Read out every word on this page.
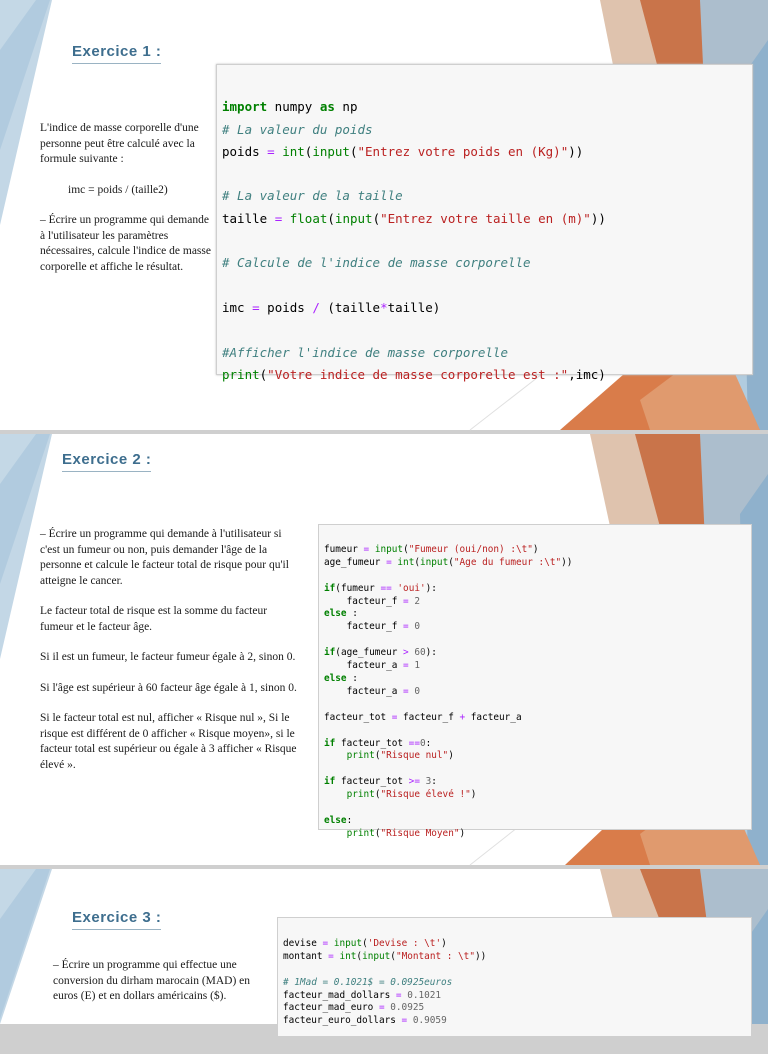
Exercice 1 :

L'indice de masse corporelle d'une personne peut être calculé avec la formule suivante :

imc = poids / (taille2)

– Écrire un programme qui demande à l'utilisateur les paramètres nécessaires, calcule l'indice de masse corporelle et affiche le résultat.

import numpy as np
# La valeur du poids
poids = int(input("Entrez votre poids en (Kg)"))

# La valeur de la taille
taille = float(input("Entrez votre taille en (m)"))

# Calcule de l'indice de masse corporelle

imc = poids / (taille*taille)

#Afficher l'indice de masse corporelle
print("Votre indice de masse corporelle est :",imc)

Exercice 2 :

– Écrire un programme qui demande à l'utilisateur si c'est un fumeur ou non, puis demander l'âge de la personne et calcule le facteur total de risque pour qu'il atteigne le cancer.

Le facteur total de risque est la somme du facteur fumeur et le facteur âge.

Si il est un fumeur, le facteur fumeur égale à 2, sinon 0.

Si l'âge est supérieur à 60 facteur âge égale à 1, sinon 0.

Si le facteur total est nul, afficher « Risque nul », Si le risque est différent de 0 afficher « Risque moyen», si le facteur total est supérieur ou égale à 3 afficher « Risque élevé ».

fumeur = input("Fumeur (oui/non) :\t")
age_fumeur = int(input("Age du fumeur :\t"))

if(fumeur == 'oui'):
facteur_f = 2
else :
facteur_f = 0

if(age_fumeur > 60):
facteur_a = 1
else :
facteur_a = 0

facteur_tot = facteur_f + facteur_a

if facteur_tot ==0:
print("Risque nul")

if facteur_tot >= 3:
print("Risque élevé !")

else:
print("Risque Moyen")

Exercice 3 :

– Écrire un programme qui effectue une conversion du dirham marocain (MAD) en euros (E) et en dollars américains ($).

devise = input('Devise : \t')
montant = int(input("Montant : \t"))

# 1Mad = 0.1021$ = 0.0925euros
facteur_mad_dollars = 0.1021
facteur_mad_euro = 0.0925
facteur_euro_dollars = 0.9059
